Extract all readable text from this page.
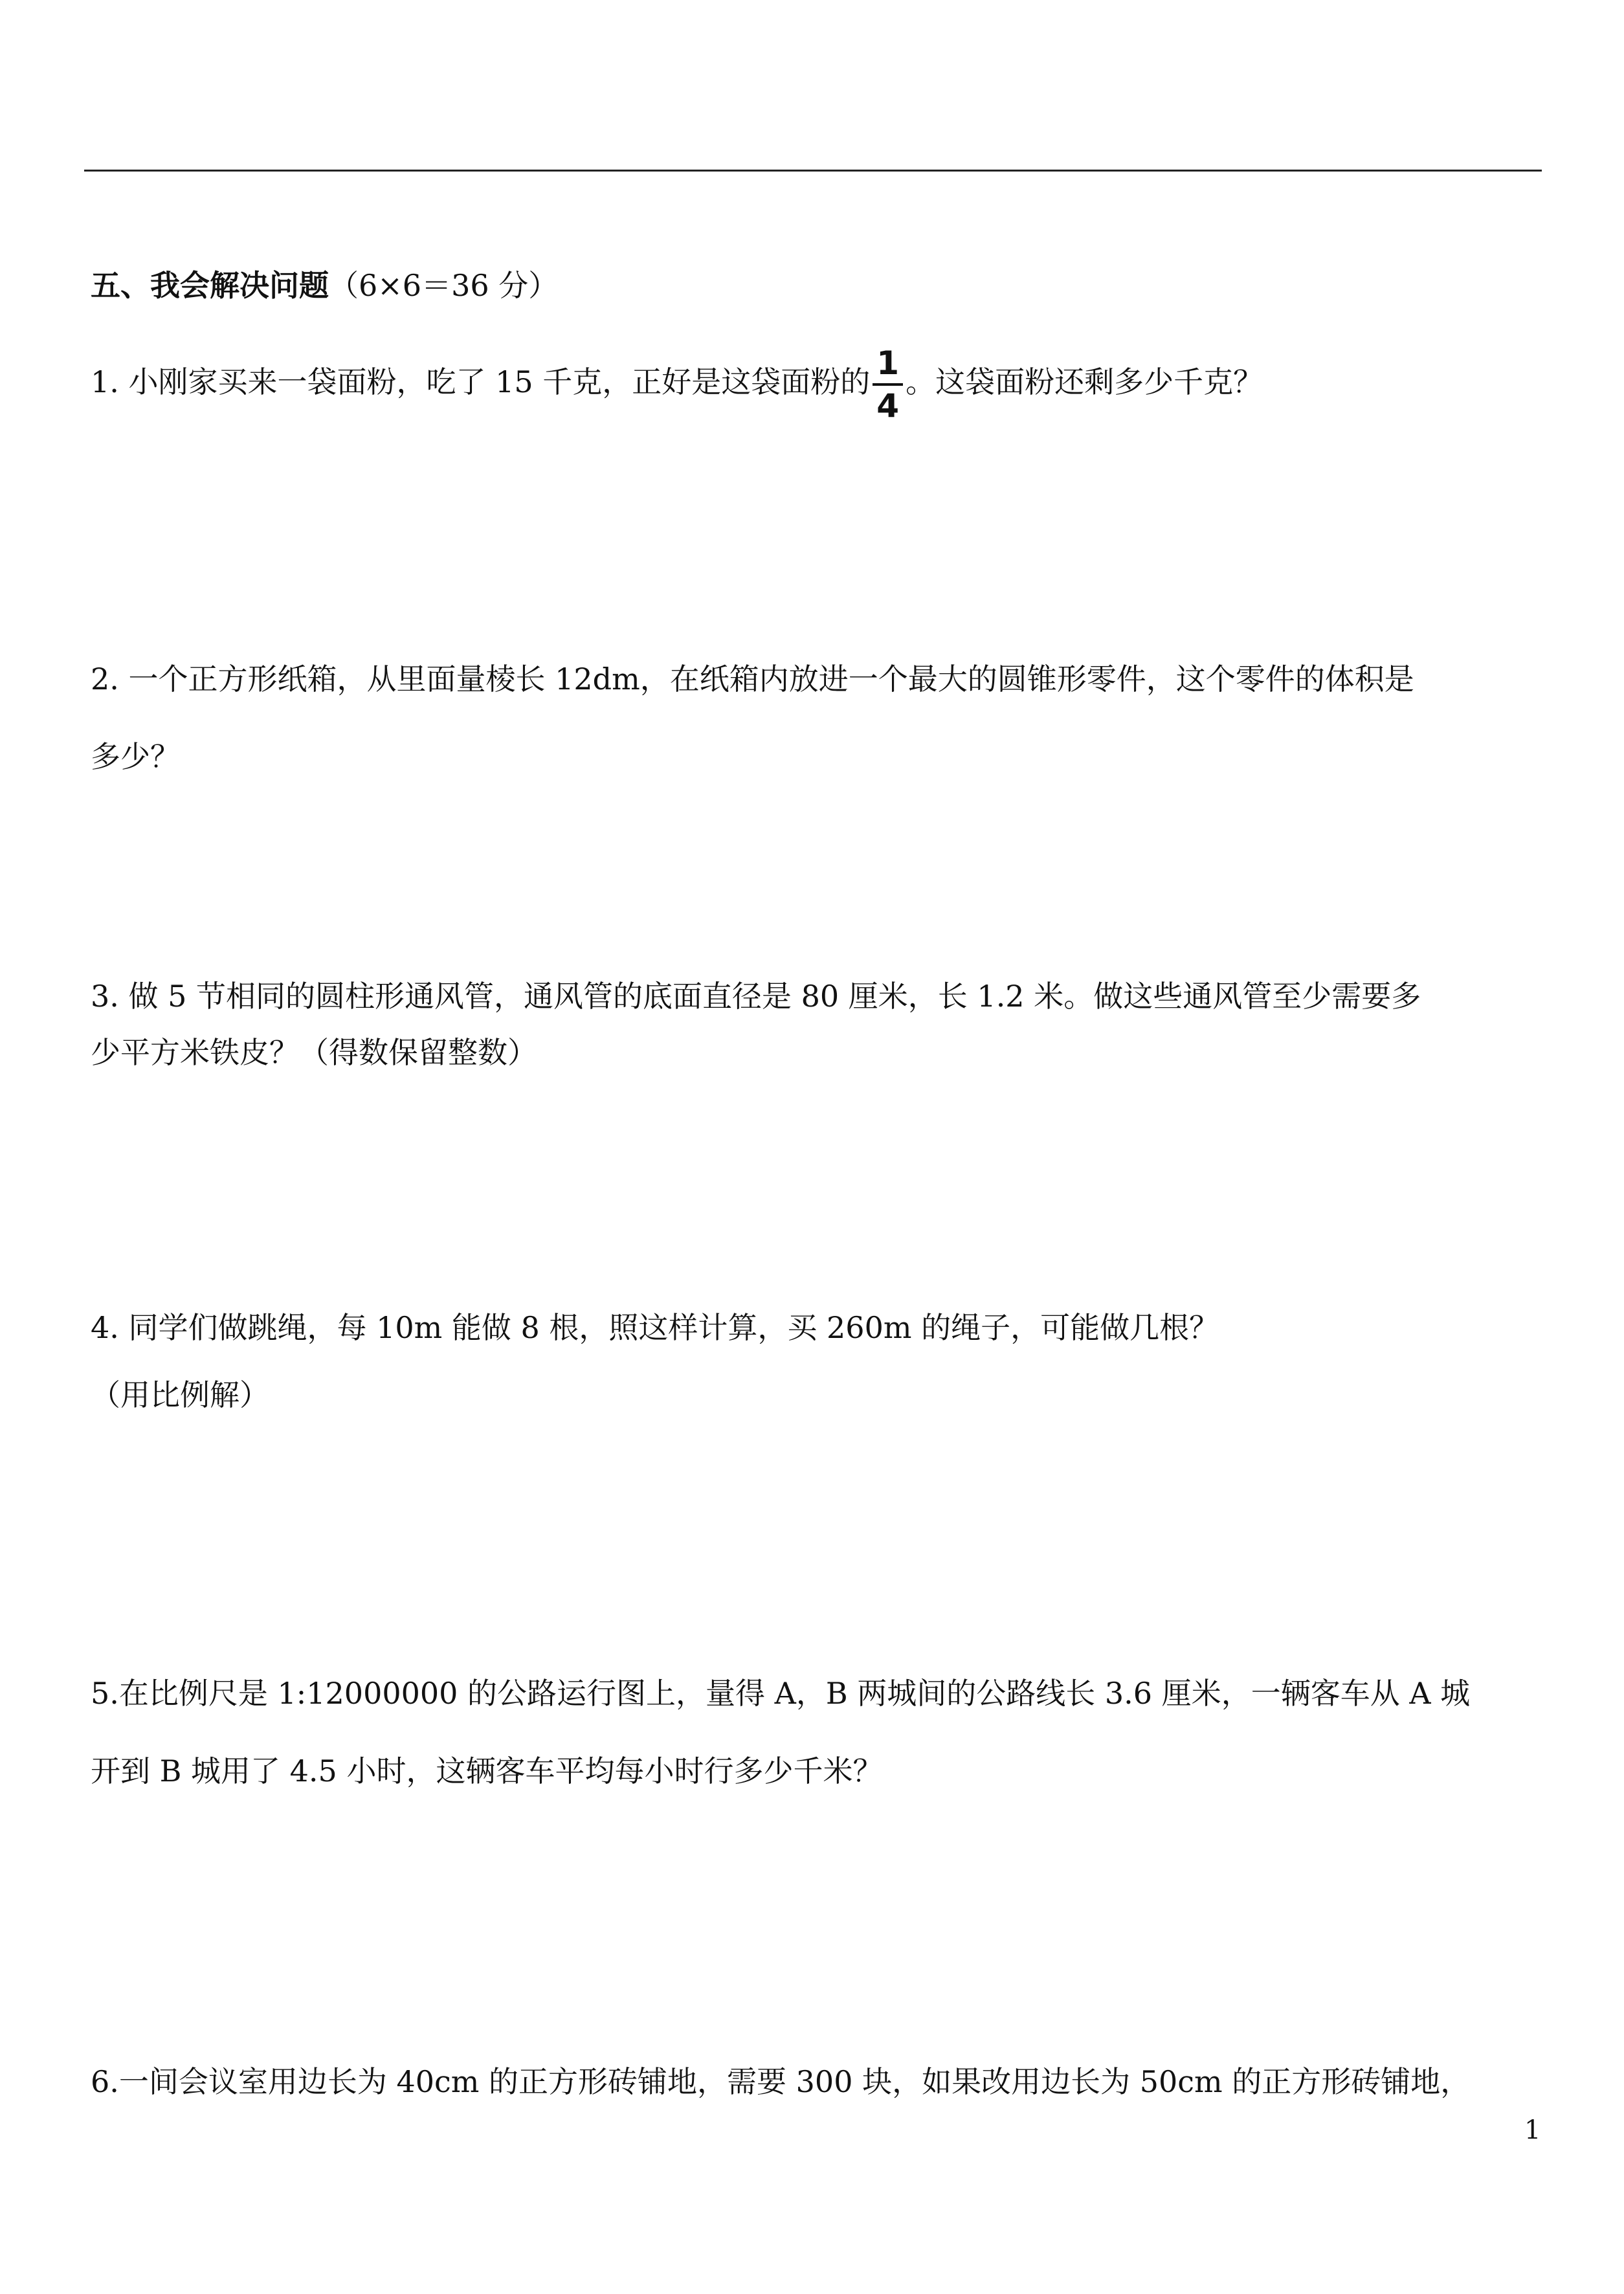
五、我会解决问题（6×6＝36 分）
1. 小刚家买来一袋面粉，吃了 15 千克，正好是这袋面粉的 $\frac{1}{4}$ 。这袋面粉还剩多少千克？
2. 一个正方形纸箱，从里面量棱长 12dm，在纸箱内放进一个最大的圆锥形零件，这个零件的体积是
多少？
3. 做 5 节相同的圆柱形通风管，通风管的底面直径是 80 厘米，长 1.2 米。做这些通风管至少需要多
少平方米铁皮？（得数保留整数）
4. 同学们做跳绳，每 10m 能做 8 根，照这样计算，买 260m 的绳子，可能做几根？
（用比例解）
5.在比例尺是 1:12000000 的公路运行图上，量得 A，B 两城间的公路线长 3.6 厘米，一辆客车从 A 城
开到 B 城用了 4.5 小时，这辆客车平均每小时行多少千米？
6.一间会议室用边长为 40cm 的正方形砖铺地，需要 300 块，如果改用边长为 50cm 的正方形砖铺地，
1
